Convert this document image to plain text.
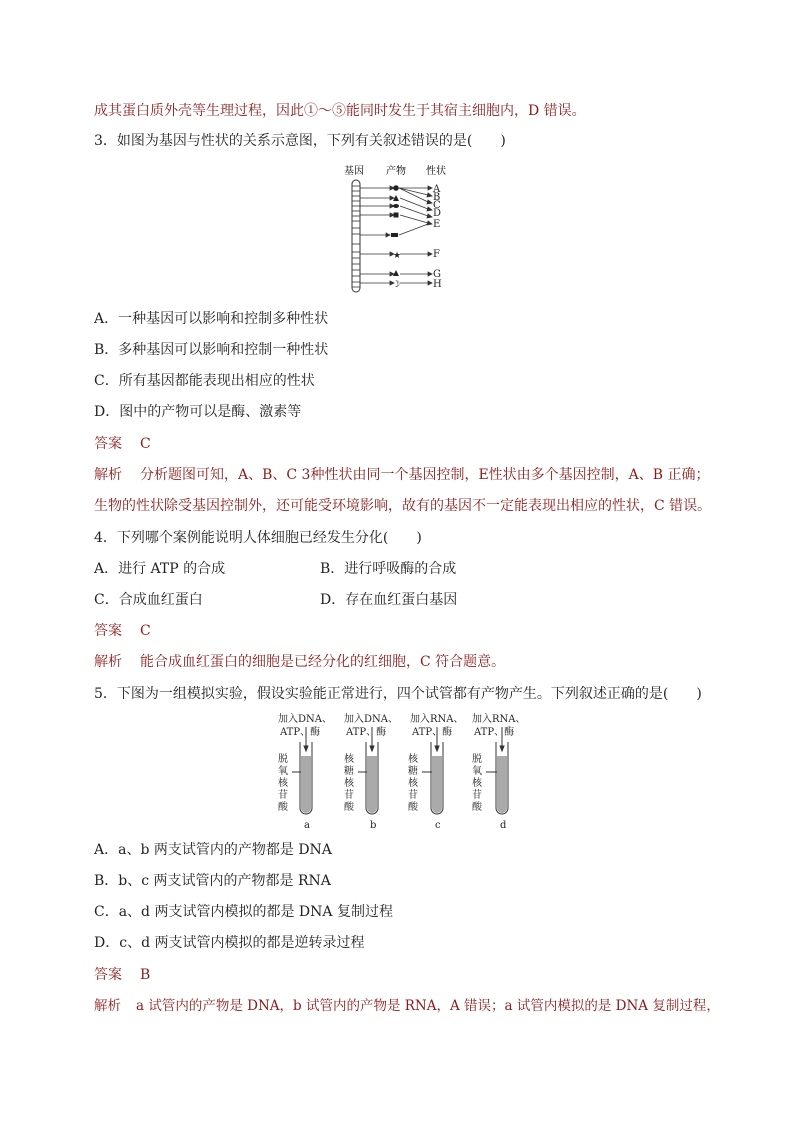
成其蛋白质外壳等生理过程，因此①～⑤能同时发生于其宿主细胞内，D 错误。
3．如图为基因与性状的关系示意图，下列有关叙述错误的是(　　)
基因 产物 性状
★
☽
A
B
C
D
E
F
G
H
A．一种基因可以影响和控制多种性状
B．多种基因可以影响和控制一种性状
C．所有基因都能表现出相应的性状
D．图中的产物可以是酶、激素等
答案 C
解析 分析题图可知，A、B、C 3种性状由同一个基因控制，E性状由多个基因控制，A、B 正确；
生物的性状除受基因控制外，还可能受环境影响，故有的基因不一定能表现出相应的性状，C 错误。
4．下列哪个案例能说明人体细胞已经发生分化(　　)
A．进行 ATP 的合成	B．进行呼吸酶的合成
C．合成血红蛋白	D．存在血红蛋白基因
答案 C
解析 能合成血红蛋白的细胞是已经分化的红细胞，C 符合题意。
5．下图为一组模拟实验，假设实验能正常进行，四个试管都有产物产生。下列叙述正确的是(　　)
加入DNA、
ATP、酶
脱
氧
核
苷
酸
a
加入DNA、
ATP、酶
核
糖
核
苷
酸
b
加入RNA、
ATP、酶
核
糖
核
苷
酸
c
加入RNA、
ATP、酶
脱
氧
核
苷
酸
d
A．a、b 两支试管内的产物都是 DNA
B．b、c 两支试管内的产物都是 RNA
C．a、d 两支试管内模拟的都是 DNA 复制过程
D．c、d 两支试管内模拟的都是逆转录过程
答案 B
解析 a 试管内的产物是 DNA，b 试管内的产物是 RNA，A 错误；a 试管内模拟的是 DNA 复制过程，
